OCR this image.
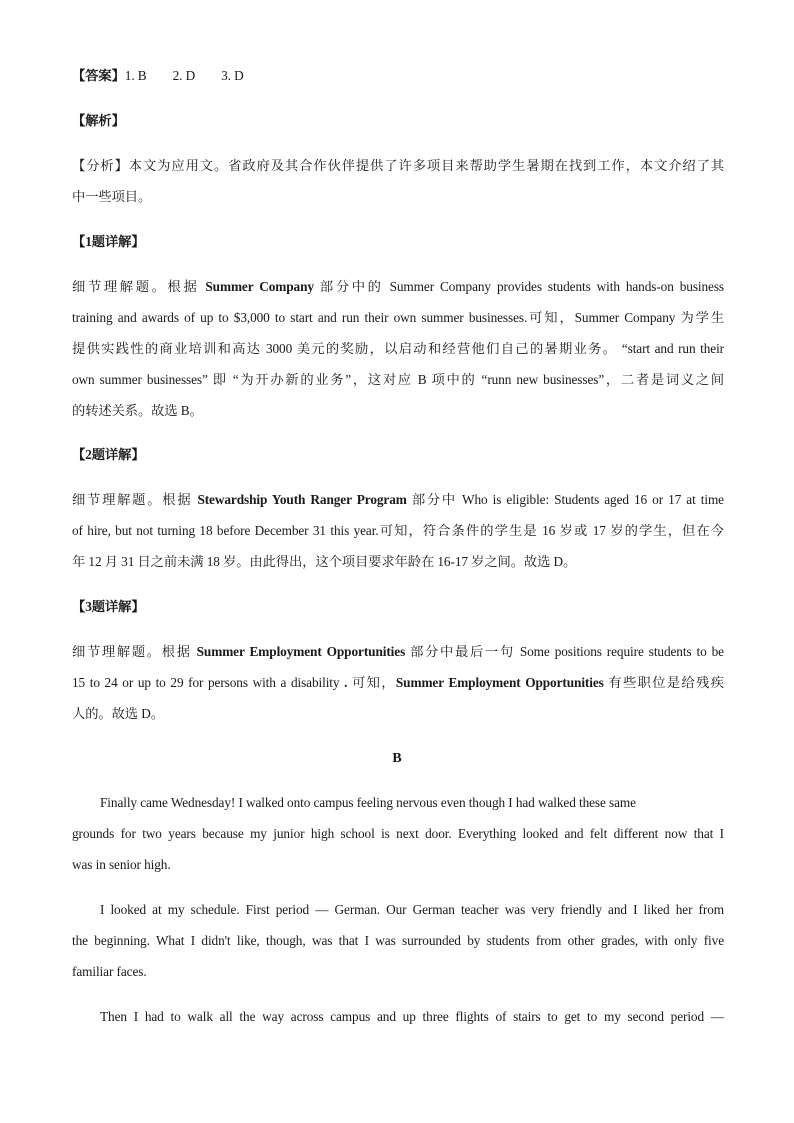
【答案】1. B 2. D 3. D
【解析】
【分析】本文为应用文。省政府及其合作伙伴提供了许多项目来帮助学生暑期在找到工作，本文介绍了其
中一些项目。
【1题详解】
细节理解题。根据 Summer Company 部分中的 Summer Company provides students with hands-on business
training and awards of up to $3,000 to start and run their own summer businesses.可知，Summer Company 为学生
提供实践性的商业培训和高达 3000 美元的奖励，以启动和经营他们自己的暑期业务。 “start and run their
own summer businesses” 即 “为开办新的业务”，这对应 B 项中的 “runn new businesses”，二者是词义之间
的转述关系。故选 B。
【2题详解】
细节理解题。根据 Stewardship Youth Ranger Program 部分中 Who is eligible: Students aged 16 or 17 at time
of hire, but not turning 18 before December 31 this year.可知，符合条件的学生是 16 岁或 17 岁的学生，但在今
年 12 月 31 日之前未满 18 岁。由此得出，这个项目要求年龄在 16-17 岁之间。故选 D。
【3题详解】
细节理解题。根据 Summer Employment Opportunities 部分中最后一句 Some positions require students to be
15 to 24 or up to 29 for persons with a disability . 可知，Summer Employment Opportunities 有些职位是给残疾
人的。故选 D。
B
Finally came Wednesday! I walked onto campus feeling nervous even though I had walked these same
grounds for two years because my junior high school is next door. Everything looked and felt different now that I
was in senior high.
I looked at my schedule. First period — German. Our German teacher was very friendly and I liked her from
the beginning. What I didn't like, though, was that I was surrounded by students from other grades, with only five
familiar faces.
Then I had to walk all the way across campus and up three flights of stairs to get to my second period —
